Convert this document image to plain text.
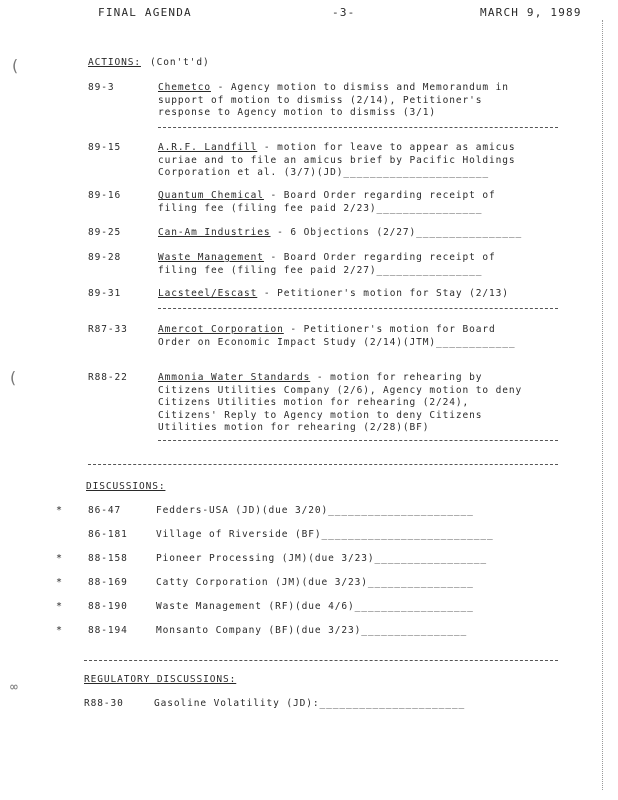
FINAL AGENDA	-3-	MARCH 9, 1989
(
(
∞
ACTIONS: (Con't'd)
89-3	Chemetco - Agency motion to dismiss and Memorandum in
support of motion to dismiss (2/14), Petitioner's
response to Agency motion to dismiss (3/1)
89-15	A.R.F. Landfill - motion for leave to appear as amicus
curiae and to file an amicus brief by Pacific Holdings
Corporation et al. (3/7)(JD)______________________
89-16	Quantum Chemical - Board Order regarding receipt of
filing fee (filing fee paid 2/23)________________
89-25	Can-Am Industries - 6 Objections (2/27)________________
89-28	Waste Management - Board Order regarding receipt of
filing fee (filing fee paid 2/27)________________
89-31	Lacsteel/Escast - Petitioner's motion for Stay (2/13)
R87-33	Amercot Corporation - Petitioner's motion for Board
Order on Economic Impact Study (2/14)(JTM)____________
R88-22	Ammonia Water Standards - motion for rehearing by
Citizens Utilities Company (2/6), Agency motion to deny
Citizens Utilities motion for rehearing (2/24),
Citizens' Reply to Agency motion to deny Citizens
Utilities motion for rehearing (2/28)(BF)
DISCUSSIONS:
*	86-47	Fedders-USA (JD)(due 3/20)______________________
86-181	Village of Riverside (BF)__________________________
*	88-158	Pioneer Processing (JM)(due 3/23)_________________
*	88-169	Catty Corporation (JM)(due 3/23)________________
*	88-190	Waste Management (RF)(due 4/6)__________________
*	88-194	Monsanto Company (BF)(due 3/23)________________
REGULATORY DISCUSSIONS:
R88-30	Gasoline Volatility (JD):______________________
